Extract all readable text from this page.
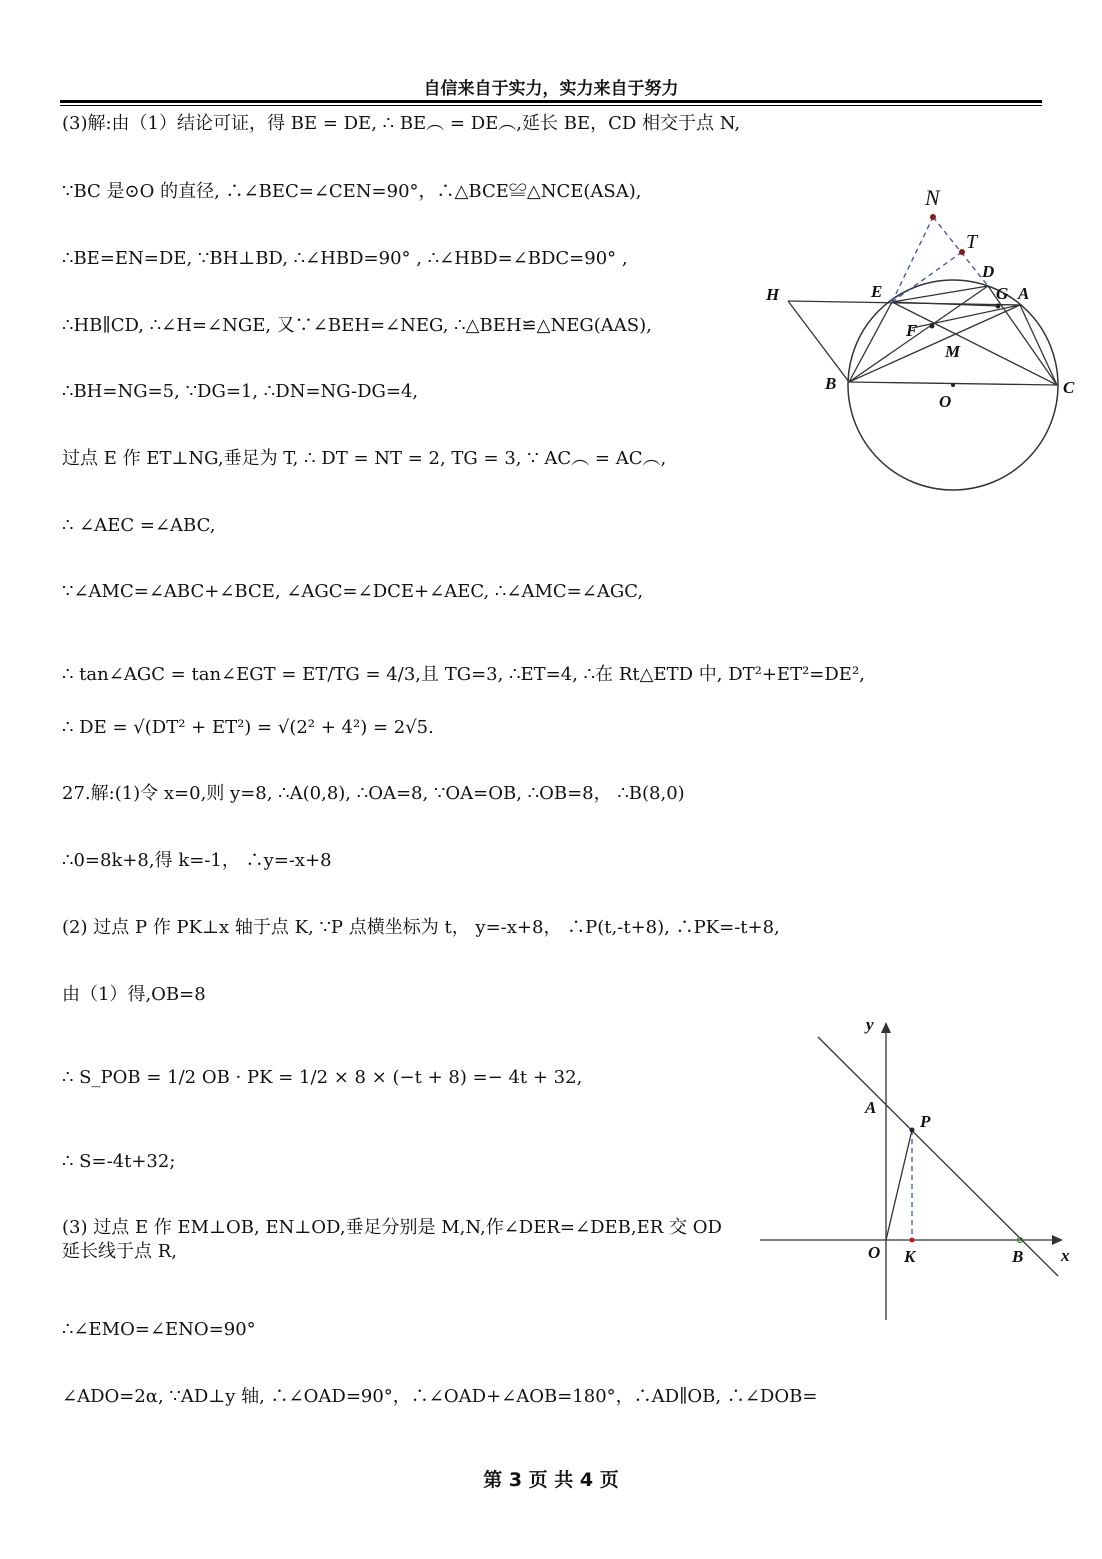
自信来自于实力，实力来自于努力
(3)解:由（1）结论可证，得 BE = DE, ∴ BE︵ = DE︵,延长 BE，CD 相交于点 N,
∵BC 是⊙O 的直径, ∴∠BEC=∠CEN=90°，∴△BCE≌△NCE(ASA),
∴BE=EN=DE, ∵BH⊥BD, ∴∠HBD=90° , ∴∠HBD=∠BDC=90° ,
∴HB∥CD, ∴∠H=∠NGE, 又∵∠BEH=∠NEG, ∴△BEH≌△NEG(AAS),
∴BH=NG=5, ∵DG=1, ∴DN=NG-DG=4,
过点 E 作 ET⊥NG,垂足为 T, ∴ DT = NT = 2, TG = 3, ∵ AC︵ = AC︵,
∴ ∠AEC =∠ABC,
∵∠AMC=∠ABC+∠BCE, ∠AGC=∠DCE+∠AEC, ∴∠AMC=∠AGC,
∴ tan∠AGC = tan∠EGT = ET/TG = 4/3,且 TG=3, ∴ET=4, ∴在 Rt△ETD 中, DT²+ET²=DE²,
∴ DE = √(DT² + ET²) = √(2² + 4²) = 2√5.
27.解:(1)令 x=0,则 y=8, ∴A(0,8), ∴OA=8, ∵OA=OB, ∴OB=8， ∴B(8,0)
∴0=8k+8,得 k=-1， ∴y=-x+8
(2) 过点 P 作 PK⊥x 轴于点 K, ∵P 点横坐标为 t， y=-x+8， ∴P(t,-t+8), ∴PK=-t+8,
由（1）得,OB=8
∴ S_POB = 1/2 OB · PK = 1/2 × 8 × (−t + 8) =− 4t + 32,
∴ S=-4t+32;
(3) 过点 E 作 EM⊥OB, EN⊥OD,垂足分别是 M,N,作∠DER=∠DEB,ER 交 OD 延长线于点 R,
∴∠EMO=∠ENO=90°
∠ADO=2α, ∵AD⊥y 轴, ∴∠OAD=90°，∴∠OAD+∠AOB=180°，∴AD∥OB, ∴∠DOB=
N
T
D
G A
H	E
F
M
B	C
O
y
x
A
P
O K	B
第 3 页 共 4 页
